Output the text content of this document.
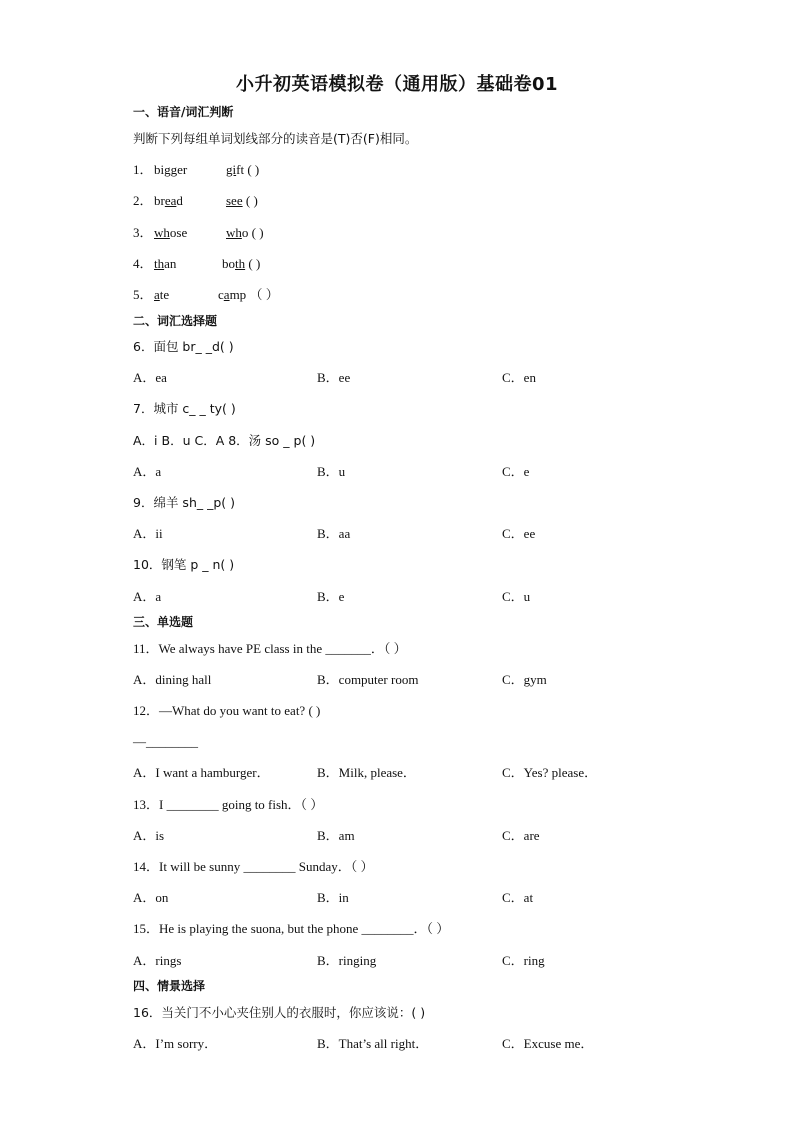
小升初英语模拟卷（通用版）基础卷01
一、语音/词汇判断
判断下列每组单词划线部分的读音是(T)否(F)相同。
1． bigger	gift ( )
2． bread	see ( )
3． whose	who ( )
4． than	both ( )
5． ate	camp （ ）
二、词汇选择题
6．面包 br_ _d( )
A．ea	B．ee	C．en
7．城市 c_ _ ty( )
A．i B．u C．A 8．汤 so _ p( )
A．a	B．u	C．e
9．绵羊 sh_ _p( )
A．ii	B．aa	C．ee
10．钢笔 p _ n( )
A．a	B．e	C．u
三、单选题
11．We always have PE class in the _______．（ ）
A．dining hall	B．computer room	C．gym
12．—What do you want to eat? ( )
—________
A．I want a hamburger．	B．Milk, please．	C．Yes? please．
13．I ________ going to fish．（ ）
A．is	B．am	C．are
14．It will be sunny ________ Sunday．（ ）
A．on	B．in	C．at
15．He is playing the suona, but the phone ________．（ ）
A．rings	B．ringing	C．ring
四、情景选择
16．当关门不小心夹住别人的衣服时，你应该说：( )
A．I’m sorry．	B．That’s all right．	C．Excuse me．
